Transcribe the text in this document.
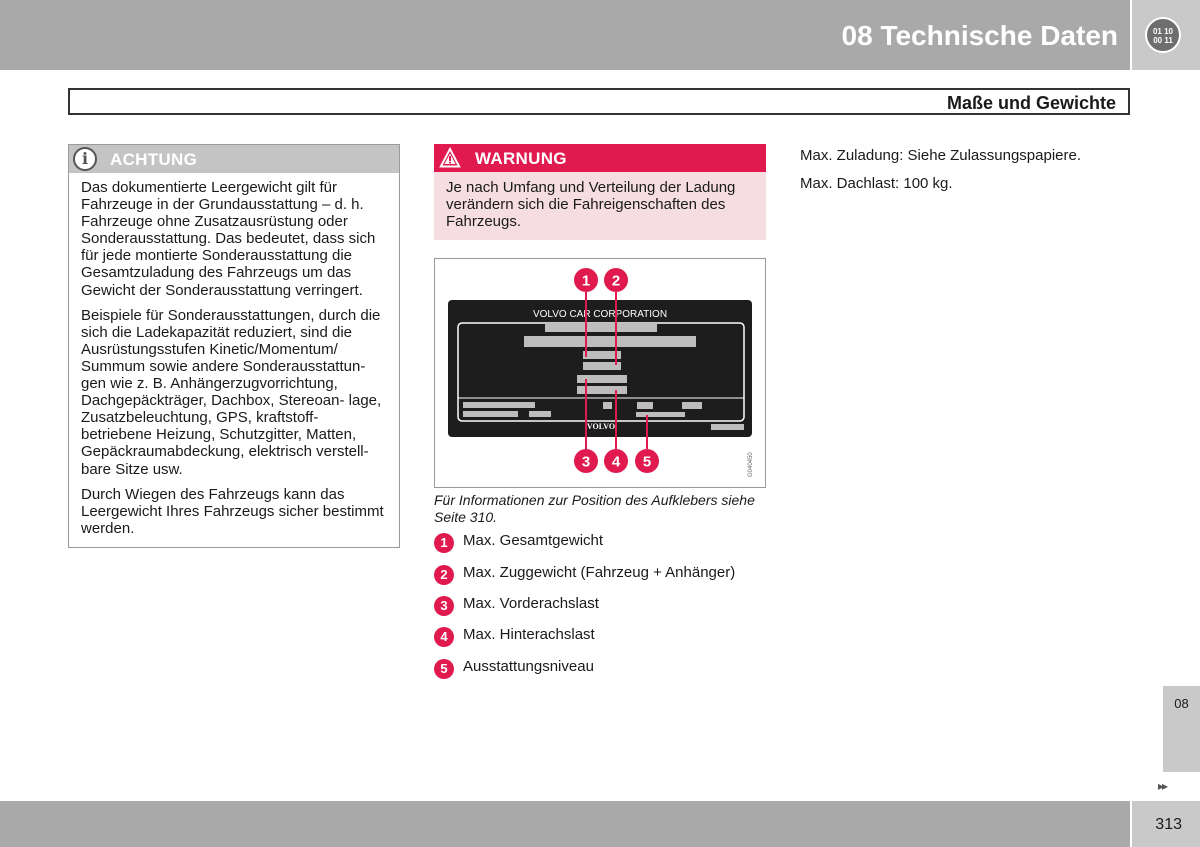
08 Technische Daten	01 10
00 11
Maße und Gewichte
i	ACHTUNG

Das dokumentierte Leergewicht gilt für Fahrzeuge in der Grundausstattung – d. h. Fahrzeuge ohne Zusatzausrüstung oder Sonderausstattung. Das bedeutet, dass sich für jede montierte Sonderausstattung die Gesamtzuladung des Fahrzeugs um das Gewicht der Sonderausstattung verringert.

Beispiele für Sonderausstattungen, durch die sich die Ladekapazität reduziert, sind die Ausrüstungsstufen Kinetic/Momentum/ Summum sowie andere Sonderausstattun- gen wie z. B. Anhängerzugvorrichtung, Dachgepäckträger, Dachbox, Stereoan- lage, Zusatzbeleuchtung, GPS, kraftstoff- betriebene Heizung, Schutzgitter, Matten, Gepäckraumabdeckung, elektrisch verstell- bare Sitze usw.

Durch Wiegen des Fahrzeugs kann das Leergewicht Ihres Fahrzeugs sicher bestimmt werden.

WARNUNG
Je nach Umfang und Verteilung der Ladung verändern sich die Fahreigenschaften des Fahrzeugs.
VOLVO CAR CORPORATION
VOLVO
1 2
3 4 5	G040450
Für Informationen zur Position des Aufklebers siehe Seite 310.
1	Max. Gesamtgewicht
2	Max. Zuggewicht (Fahrzeug + Anhänger)
3	Max. Vorderachslast
4	Max. Hinterachslast
5	Ausstattungsniveau
Max. Zuladung: Siehe Zulassungspapiere.
Max. Dachlast: 100 kg.
08
▸▸
313
